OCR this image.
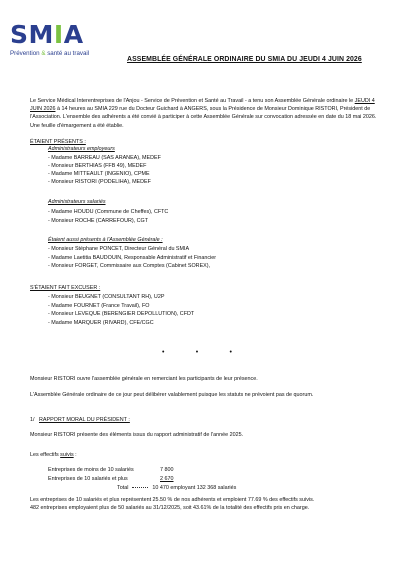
SMIA
Prévention & santé au travail
ASSEMBLÉE GÉNÉRALE ORDINAIRE DU SMIA DU JEUDI 4 JUIN 2026
Le Service Médical Interentreprises de l'Anjou - Service de Prévention et Santé au Travail - a tenu son Assemblée Générale ordinaire le JEUDI 4 JUIN 2026 à 14 heures au SMIA 229 rue du Docteur Guichard à ANGERS, sous la Présidence de Monsieur Dominique RISTORI, Président de l'Association. L'ensemble des adhérents a été convié à participer à cette Assemblée Générale sur convocation adressée en date du 18 mai 2026.
Une feuille d'émargement a été établie.
ÉTAIENT PRÉSENTS :
Administrateurs employeurs
- Madame BARREAU (SAS ARANEA), MEDEF
- Monsieur BERTHIAS (FFB 49), MEDEF
- Madame MITTEAULT (INGENIO), CPME
- Monsieur RISTORI (PODELIHA), MEDEF
Administrateurs salariés
- Madame HOUDU (Commune de Cheffes), CFTC
- Monsieur ROCHE (CARREFOUR), CGT
Étaient aussi présents à l'Assemblée Générale :
- Monsieur Stéphane PONCET, Directeur Général du SMIA
- Madame Laetitia BAUDOUIN, Responsable Administratif et Financier
- Monsieur FORGET, Commissaire aux Comptes (Cabinet SOREX),
S'ÉTAIENT FAIT EXCUSER :
- Monsieur BEUGNET (CONSULTANT RH), U2P
- Madame FOURNET (France Travail), FO
- Monsieur LEVEQUE (BERENGIER DEPOLLUTION), CFDT
- Madame MARQUER (RIVARD), CFE/CGC
•	•	•
Monsieur RISTORI ouvre l'assemblée générale en remerciant les participants de leur présence.
L'Assemblée Générale ordinaire de ce jour peut délibérer valablement puisque les statuts ne prévoient pas de quorum.
1/ RAPPORT MORAL DU PRÉSIDENT :
Monsieur RISTORI présente des éléments issus du rapport administratif de l'année 2025.
Les effectifs suivis :
Entreprises de moins de 10 salariés	7 800
Entreprises de 10 salariés et plus	2 670
Total	10 470 employant 132 368 salariés
Les entreprises de 10 salariés et plus représentent 25.50 % de nos adhérents et emploient 77.69 % des effectifs suivis.
482 entreprises employaient plus de 50 salariés au 31/12/2025, soit 43.61% de la totalité des effectifs pris en charge.
